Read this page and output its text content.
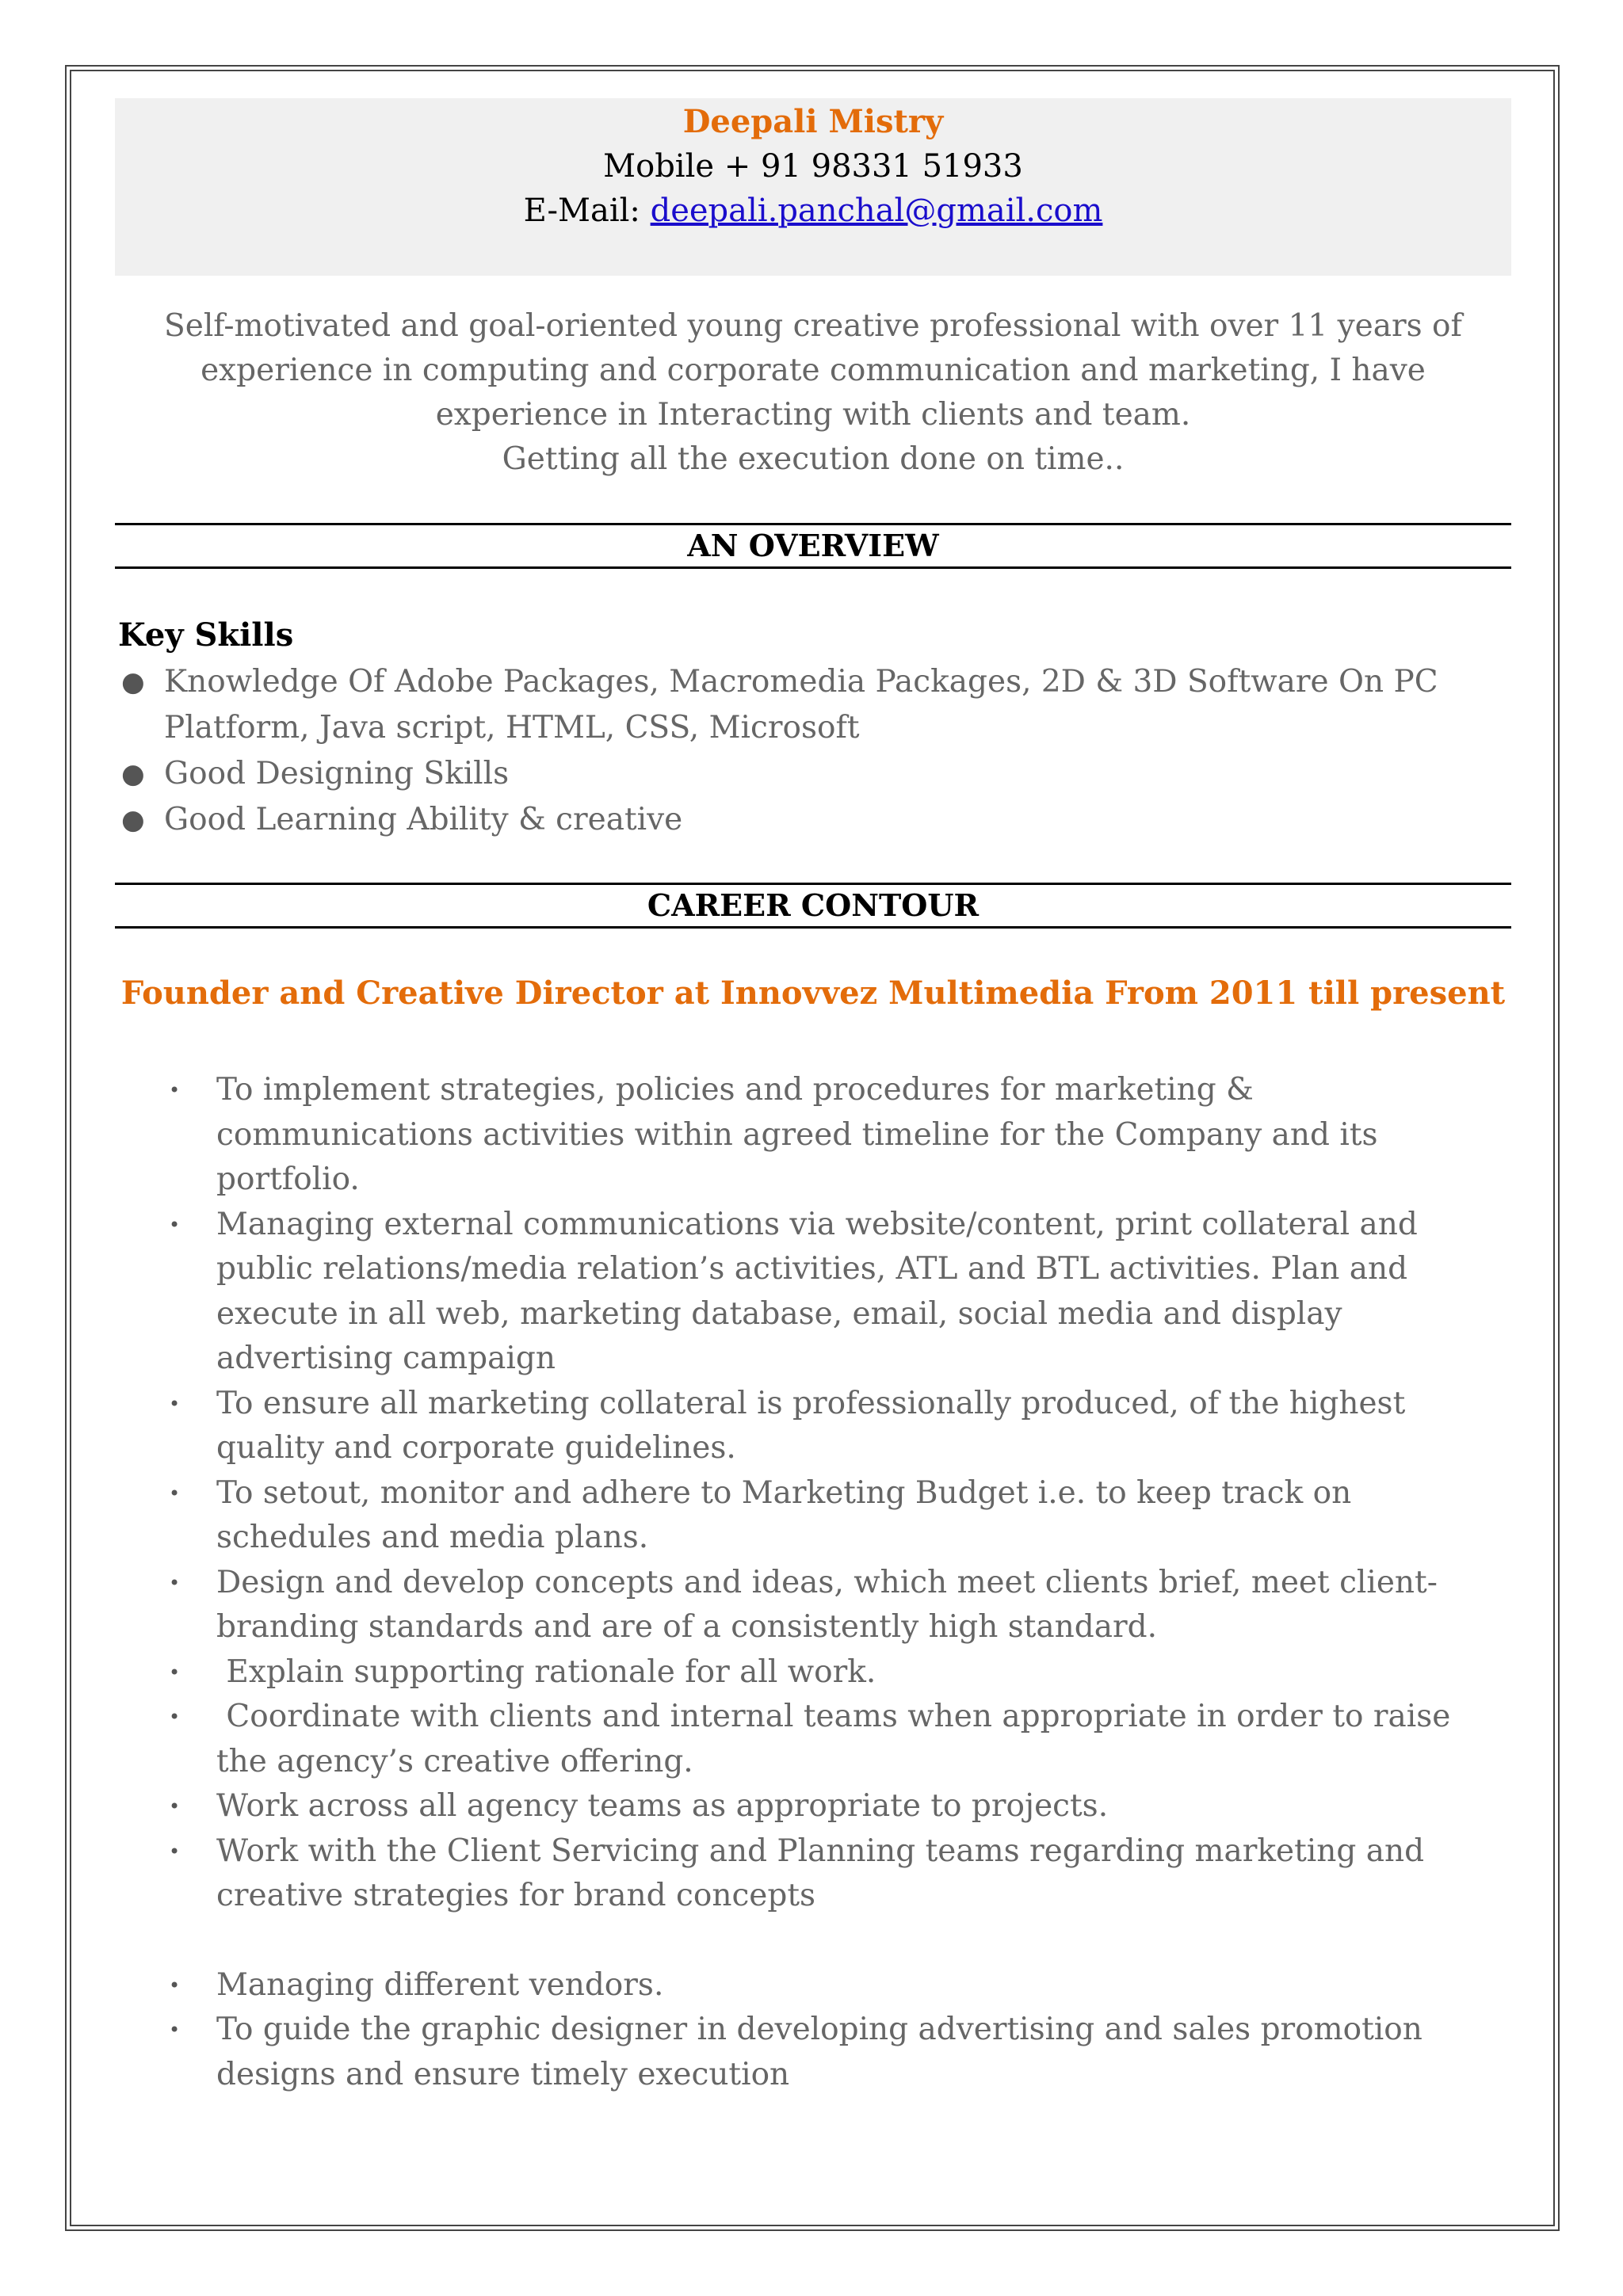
Deepali Mistry
Mobile + 91 98331 51933
E-Mail: deepali.panchal@gmail.com
Self-motivated and goal-oriented young creative professional with over 11 years of experience in computing and corporate communication and marketing, I have experience in Interacting with clients and team.
Getting all the execution done on time..
AN OVERVIEW
Key Skills
● Knowledge Of Adobe Packages, Macromedia Packages, 2D & 3D Software On PC Platform, Java script, HTML, CSS, Microsoft
● Good Designing Skills
● Good Learning Ability & creative
CAREER CONTOUR
Founder and Creative Director at Innovvez Multimedia From 2011 till present
• To implement strategies, policies and procedures for marketing & communications activities within agreed timeline for the Company and its portfolio.
• Managing external communications via website/content, print collateral and public relations/media relation’s activities, ATL and BTL activities. Plan and execute in all web, marketing database, email, social media and display advertising campaign
• To ensure all marketing collateral is professionally produced, of the highest quality and corporate guidelines.
• To setout, monitor and adhere to Marketing Budget i.e. to keep track on schedules and media plans.
• Design and develop concepts and ideas, which meet clients brief, meet client-branding standards and are of a consistently high standard.
• Explain supporting rationale for all work.
• Coordinate with clients and internal teams when appropriate in order to raise the agency’s creative offering.
• Work across all agency teams as appropriate to projects.
• Work with the Client Servicing and Planning teams regarding marketing and creative strategies for brand concepts
• Managing different vendors.
• To guide the graphic designer in developing advertising and sales promotion designs and ensure timely execution
